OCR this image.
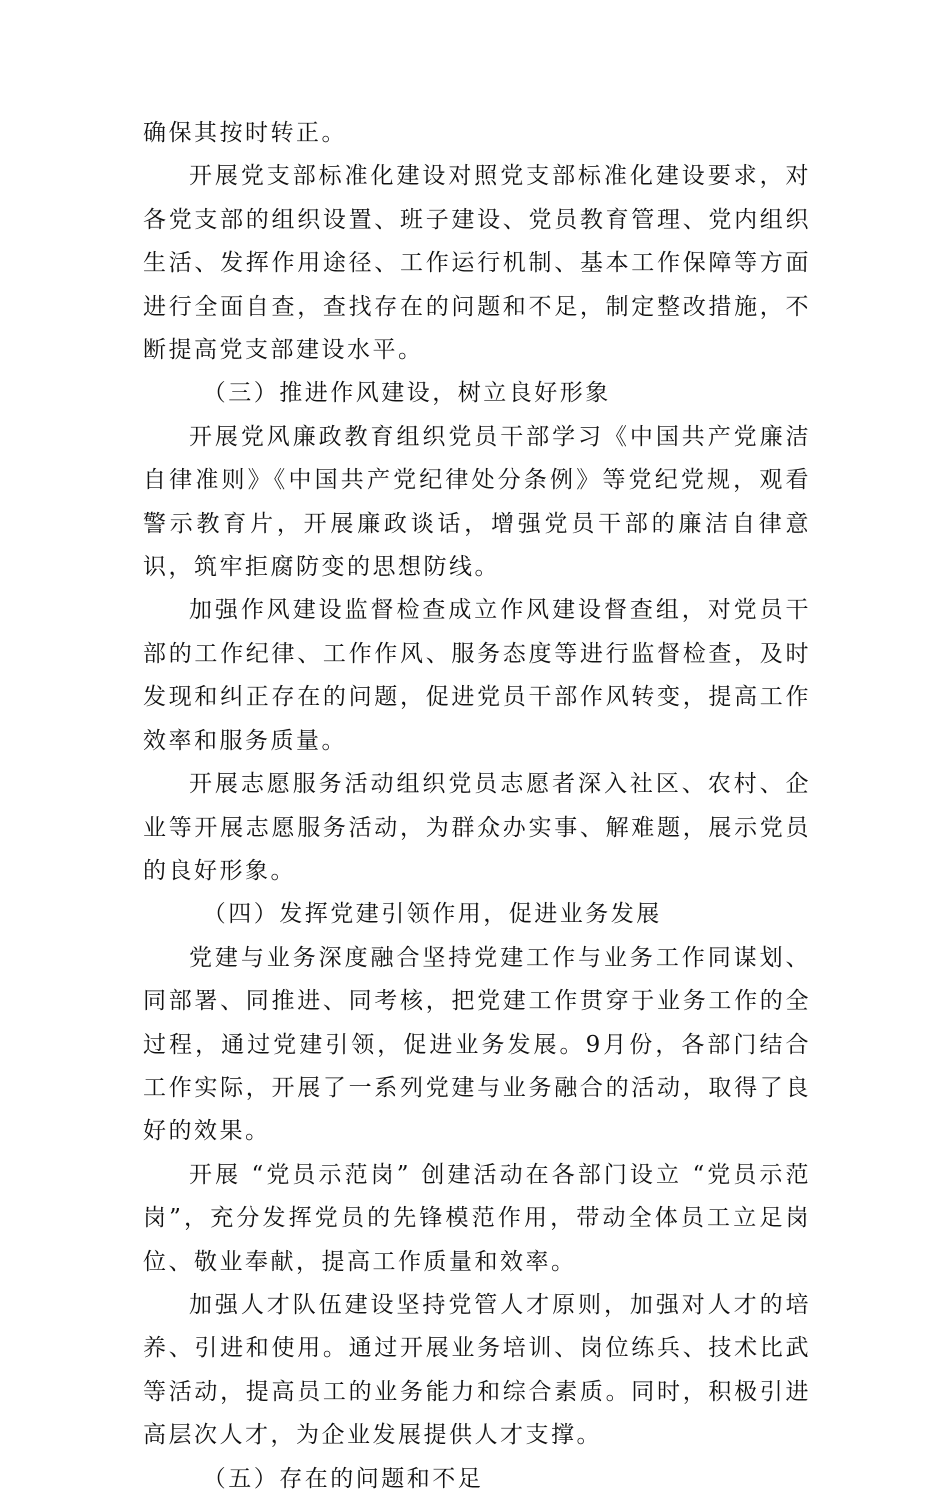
确保其按时转正。

开展党支部标准化建设对照党支部标准化建设要求，对各党支部的组织设置、班子建设、党员教育管理、党内组织生活、发挥作用途径、工作运行机制、基本工作保障等方面进行全面自查，查找存在的问题和不足，制定整改措施，不断提高党支部建设水平。

（三）推进作风建设，树立良好形象

开展党风廉政教育组织党员干部学习《中国共产党廉洁自律准则》《中国共产党纪律处分条例》等党纪党规，观看警示教育片，开展廉政谈话，增强党员干部的廉洁自律意识，筑牢拒腐防变的思想防线。

加强作风建设监督检查成立作风建设督查组，对党员干部的工作纪律、工作作风、服务态度等进行监督检查，及时发现和纠正存在的问题，促进党员干部作风转变，提高工作效率和服务质量。

开展志愿服务活动组织党员志愿者深入社区、农村、企业等开展志愿服务活动，为群众办实事、解难题，展示党员的良好形象。

（四）发挥党建引领作用，促进业务发展

党建与业务深度融合坚持党建工作与业务工作同谋划、同部署、同推进、同考核，把党建工作贯穿于业务工作的全过程，通过党建引领，促进业务发展。9月份，各部门结合工作实际，开展了一系列党建与业务融合的活动，取得了良好的效果。

开展 “党员示范岗” 创建活动在各部门设立 “党员示范岗”，充分发挥党员的先锋模范作用，带动全体员工立足岗位、敬业奉献，提高工作质量和效率。

加强人才队伍建设坚持党管人才原则，加强对人才的培养、引进和使用。通过开展业务培训、岗位练兵、技术比武等活动，提高员工的业务能力和综合素质。同时，积极引进高层次人才，为企业发展提供人才支撑。

（五）存在的问题和不足
